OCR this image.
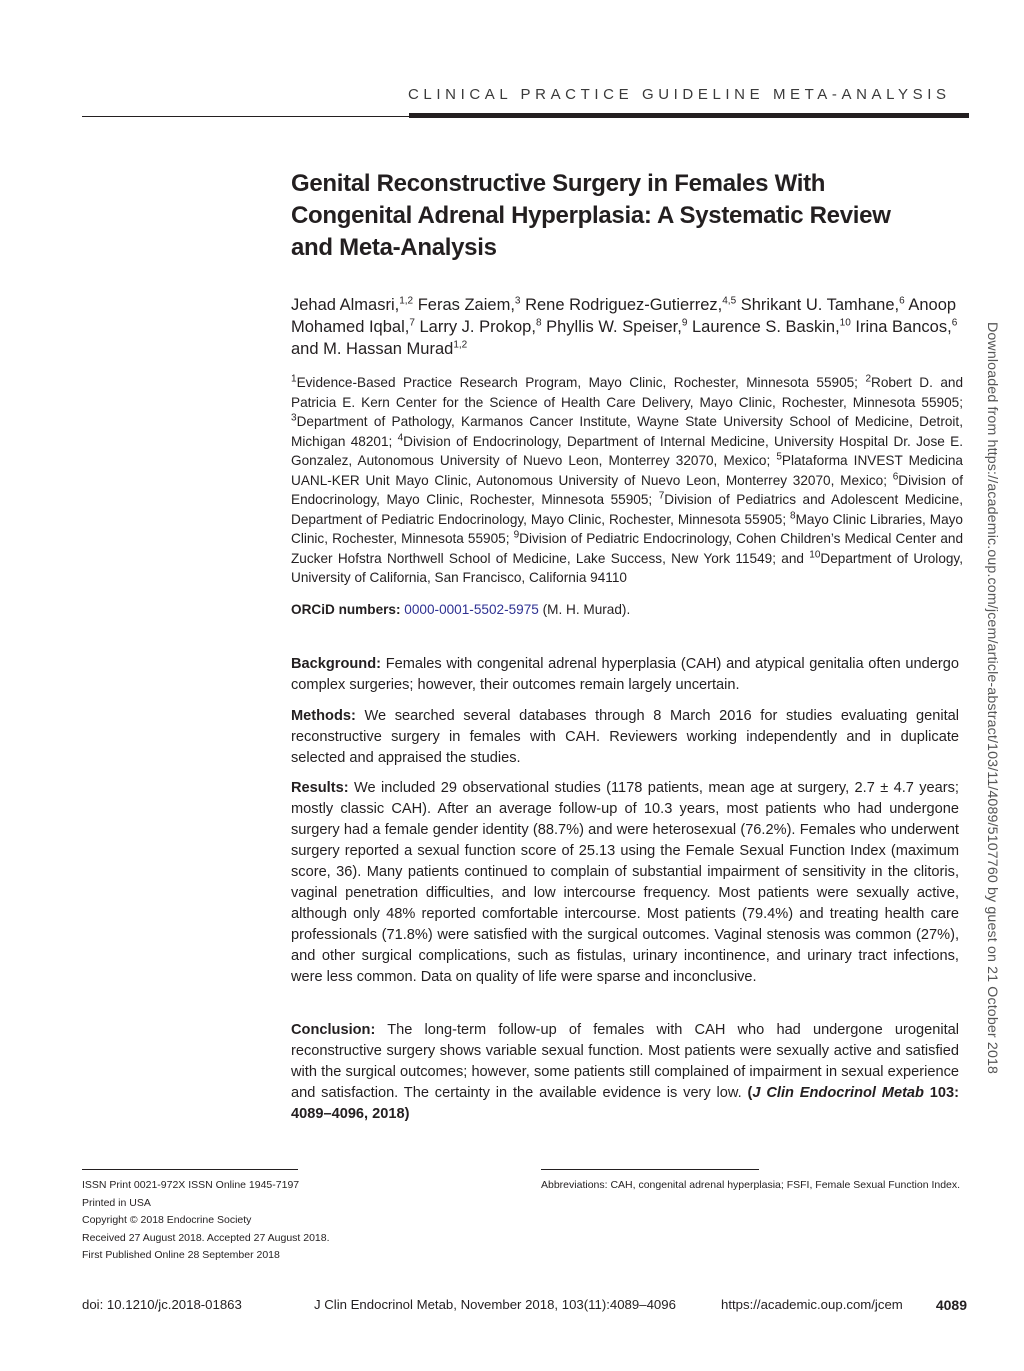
CLINICAL PRACTICE GUIDELINE META-ANALYSIS
Genital Reconstructive Surgery in Females With Congenital Adrenal Hyperplasia: A Systematic Review and Meta-Analysis
Jehad Almasri,$^{1,2}$ Feras Zaiem,$^3$ Rene Rodriguez-Gutierrez,$^{4,5}$ Shrikant U. Tamhane,$^6$ Anoop Mohamed Iqbal,$^7$ Larry J. Prokop,$^8$ Phyllis W. Speiser,$^9$ Laurence S. Baskin,$^{10}$ Irina Bancos,$^6$ and M. Hassan Murad$^{1,2}$
$^1$Evidence-Based Practice Research Program, Mayo Clinic, Rochester, Minnesota 55905; $^2$Robert D. and Patricia E. Kern Center for the Science of Health Care Delivery, Mayo Clinic, Rochester, Minnesota 55905; $^3$Department of Pathology, Karmanos Cancer Institute, Wayne State University School of Medicine, Detroit, Michigan 48201; $^4$Division of Endocrinology, Department of Internal Medicine, University Hospital Dr. Jose E. Gonzalez, Autonomous University of Nuevo Leon, Monterrey 32070, Mexico; $^5$Plataforma INVEST Medicina UANL-KER Unit Mayo Clinic, Autonomous University of Nuevo Leon, Monterrey 32070, Mexico; $^6$Division of Endocrinology, Mayo Clinic, Rochester, Minnesota 55905; $^7$Division of Pediatrics and Adolescent Medicine, Department of Pediatric Endocrinology, Mayo Clinic, Rochester, Minnesota 55905; $^8$Mayo Clinic Libraries, Mayo Clinic, Rochester, Minnesota 55905; $^9$Division of Pediatric Endocrinology, Cohen Children’s Medical Center and Zucker Hofstra Northwell School of Medicine, Lake Success, New York 11549; and $^{10}$Department of Urology, University of California, San Francisco, California 94110
ORCiD numbers: 0000-0001-5502-5975 (M. H. Murad).

Background: Females with congenital adrenal hyperplasia (CAH) and atypical genitalia often undergo complex surgeries; however, their outcomes remain largely uncertain.

Methods: We searched several databases through 8 March 2016 for studies evaluating genital reconstructive surgery in females with CAH. Reviewers working independently and in duplicate selected and appraised the studies.

Results: We included 29 observational studies (1178 patients, mean age at surgery, 2.7 ± 4.7 years; mostly classic CAH). After an average follow-up of 10.3 years, most patients who had undergone surgery had a female gender identity (88.7%) and were heterosexual (76.2%). Females who underwent surgery reported a sexual function score of 25.13 using the Female Sexual Function Index (maximum score, 36). Many patients continued to complain of substantial impairment of sensitivity in the clitoris, vaginal penetration difficulties, and low intercourse frequency. Most patients were sexually active, although only 48% reported comfortable intercourse. Most patients (79.4%) and treating health care professionals (71.8%) were satisfied with the surgical outcomes. Vaginal stenosis was common (27%), and other surgical complications, such as fistulas, urinary incontinence, and urinary tract infections, were less common. Data on quality of life were sparse and inconclusive.

Conclusion: The long-term follow-up of females with CAH who had undergone urogenital reconstructive surgery shows variable sexual function. Most patients were sexually active and satisfied with the surgical outcomes; however, some patients still complained of impairment in sexual experience and satisfaction. The certainty in the available evidence is very low. (J Clin Endocrinol Metab 103: 4089–4096, 2018)

Downloaded from https://academic.oup.com/jcem/article-abstract/103/11/4089/5107760 by guest on 21 October 2018
ISSN Print 0021-972X ISSN Online 1945-7197
Printed in USA
Copyright © 2018 Endocrine Society
Received 27 August 2018. Accepted 27 August 2018.
First Published Online 28 September 2018
Abbreviations: CAH, congenital adrenal hyperplasia; FSFI, Female Sexual Function Index.
doi: 10.1210/jc.2018-01863	J Clin Endocrinol Metab, November 2018, 103(11):4089–4096	https://academic.oup.com/jcem 4089
